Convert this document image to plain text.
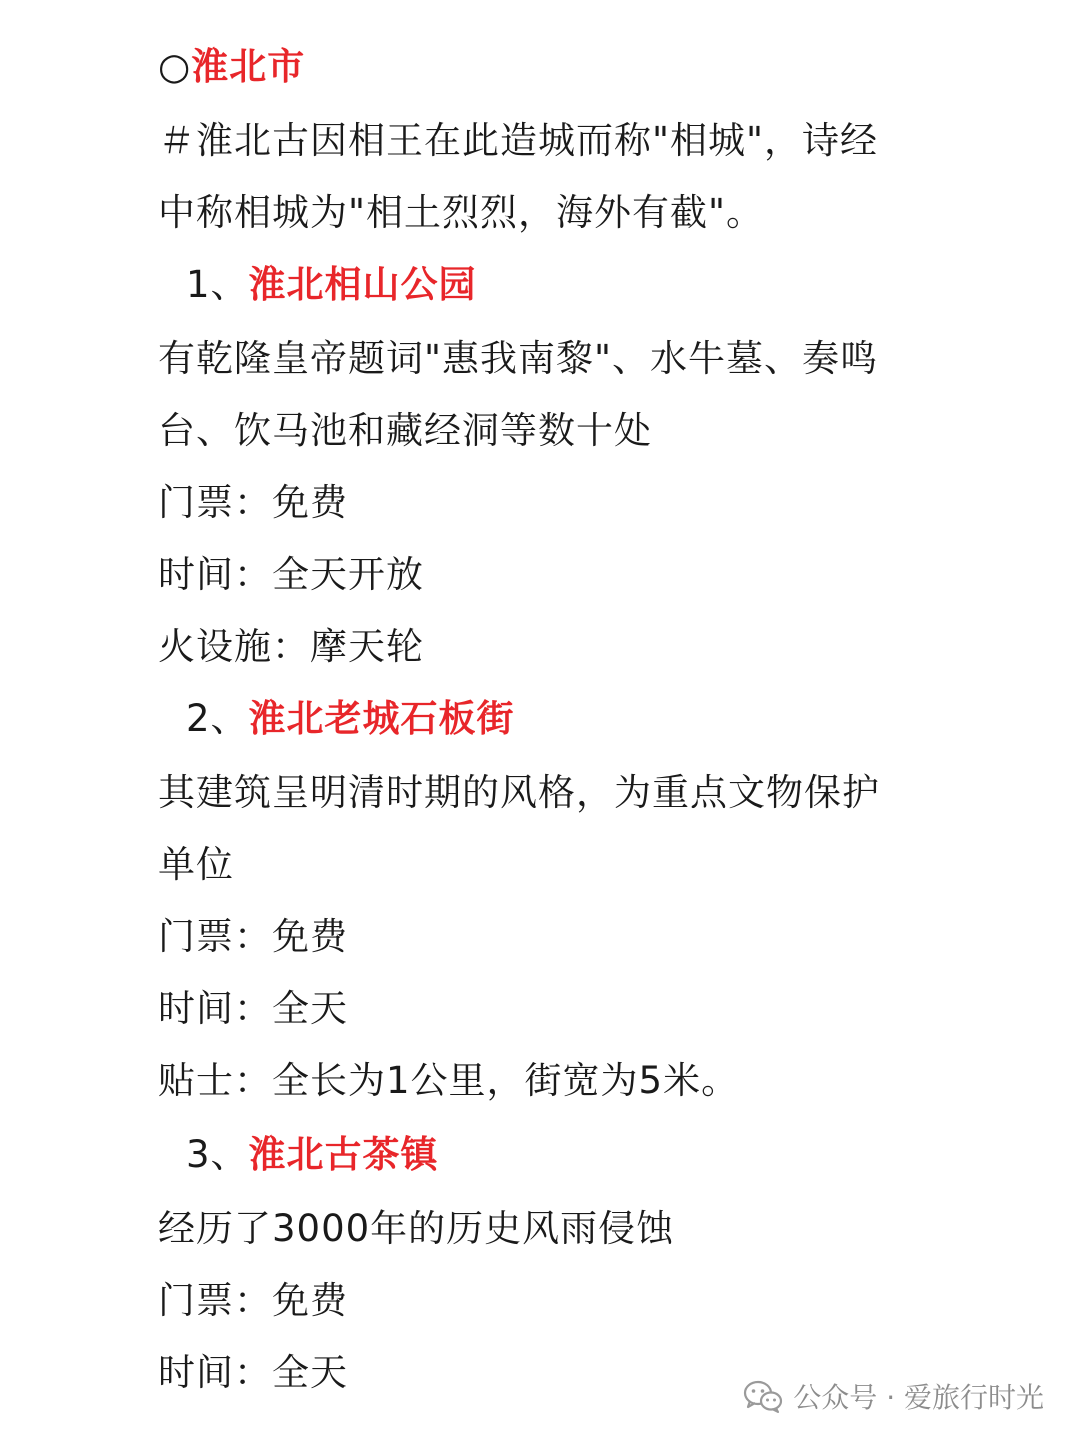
○淮北市
＃淮北古因相王在此造城而称"相城"，诗经
中称相城为"相土烈烈，海外有截"。
1、淮北相山公园
有乾隆皇帝题词"惠我南黎"、水牛墓、奏鸣
台、饮马池和藏经洞等数十处
门票：免费
时间：全天开放
火设施：摩天轮
2、淮北老城石板街
其建筑呈明清时期的风格，为重点文物保护
单位
门票：免费
时间：全天
贴士：全长为1公里，街宽为5米。
3、淮北古茶镇
经历了3000年的历史风雨侵蚀
门票：免费
时间：全天
公众号 · 爱旅行时光
